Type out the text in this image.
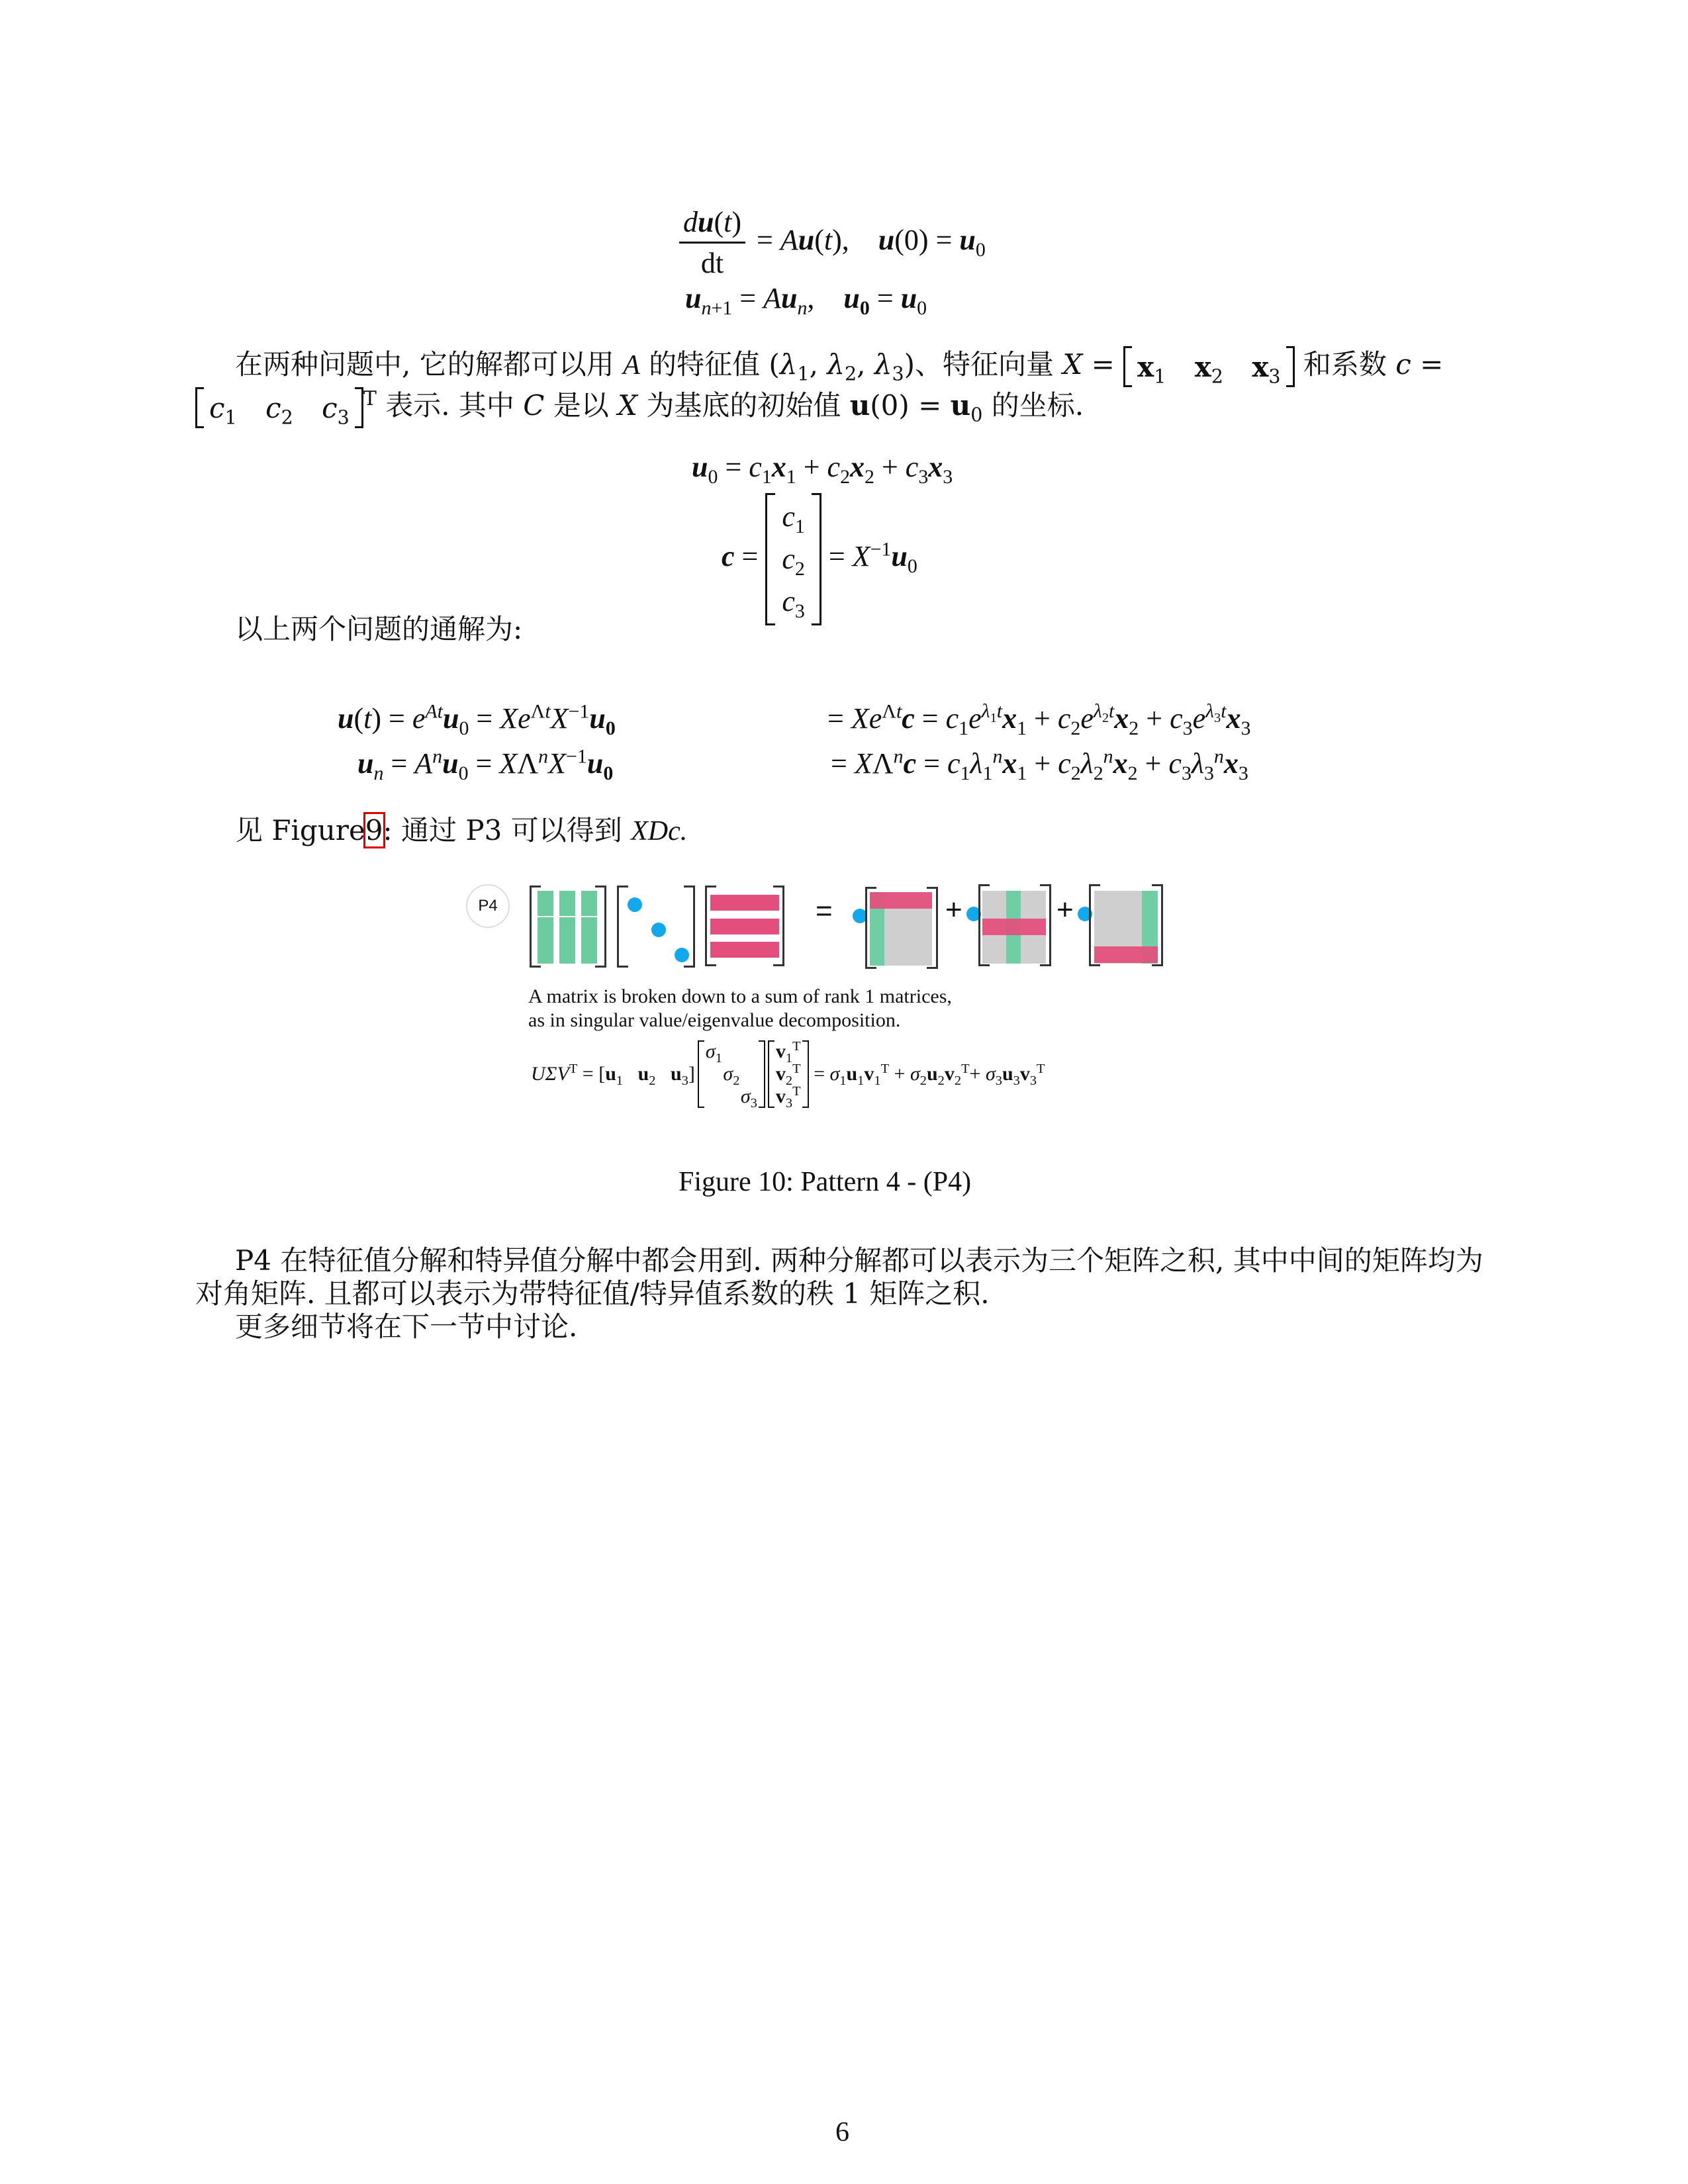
$\frac{du(t)}{dt} = Au(t)$,    $u(0) = u_0$
$u_{n+1} = Au_n$,    $u_0 = u_0$
在两种问题中, 它的解都可以用 A 的特征值 ($\lambda_1$, $\lambda_2$, $\lambda_3$)、特征向量 $X = x_1$ $x_2$ $x_3$ 和系数 c =
$c_1$ $c_2$ $c_3$
$^T$ 表示. 其中 C 是以 X 为基底的初始值 $u(0) = u_0$ 的坐标.
$u_0 = c_1x_1 + c_2x_2 + c_3x_3$
c =
$c_1$
$c_2$
$c_3$
= $X^{-1}u_0$
以上两个问题的通解为:
$u(t) = e^{At}u_0 = Xe^{\Lambda t}X^{-1}u_0$	= $Xe^{\Lambda t}c = c_1e^{\lambda_1t}x_1 + c_2e^{\lambda_2t}x_2 + c_3e^{\lambda_3t}x_3$
$u_n = A^nu_0 = X\Lambda^nX^{-1}u_0$	= $X\Lambda^nc = c_1\lambda_1^nx_1 + c_2\lambda_2^nx_2 + c_3\lambda_3^nx_3$
见 Figure9: 通过 P3 可以得到 XDc.
P4	=	+	+
A matrix is broken down to a sum of rank 1 matrices,
as in singular value/eigenvalue decomposition.
$U\Sigma V^T = [u_1$ $u_2$ $u_3$]
$\sigma_1$
$\sigma_2$
$\sigma_3$
$v_1^T$
$v_2^T$
$v_3^T$
= $\sigma_1u_1v_1^T + \sigma_2u_2v_2^T+ \sigma_3u_3v_3^T$
Figure 10: Pattern 4 - (P4)
P4 在特征值分解和特异值分解中都会用到. 两种分解都可以表示为三个矩阵之积, 其中中间的矩阵均为
对角矩阵. 且都可以表示为带特征值/特异值系数的秩 1 矩阵之积.
更多细节将在下一节中讨论.
6
